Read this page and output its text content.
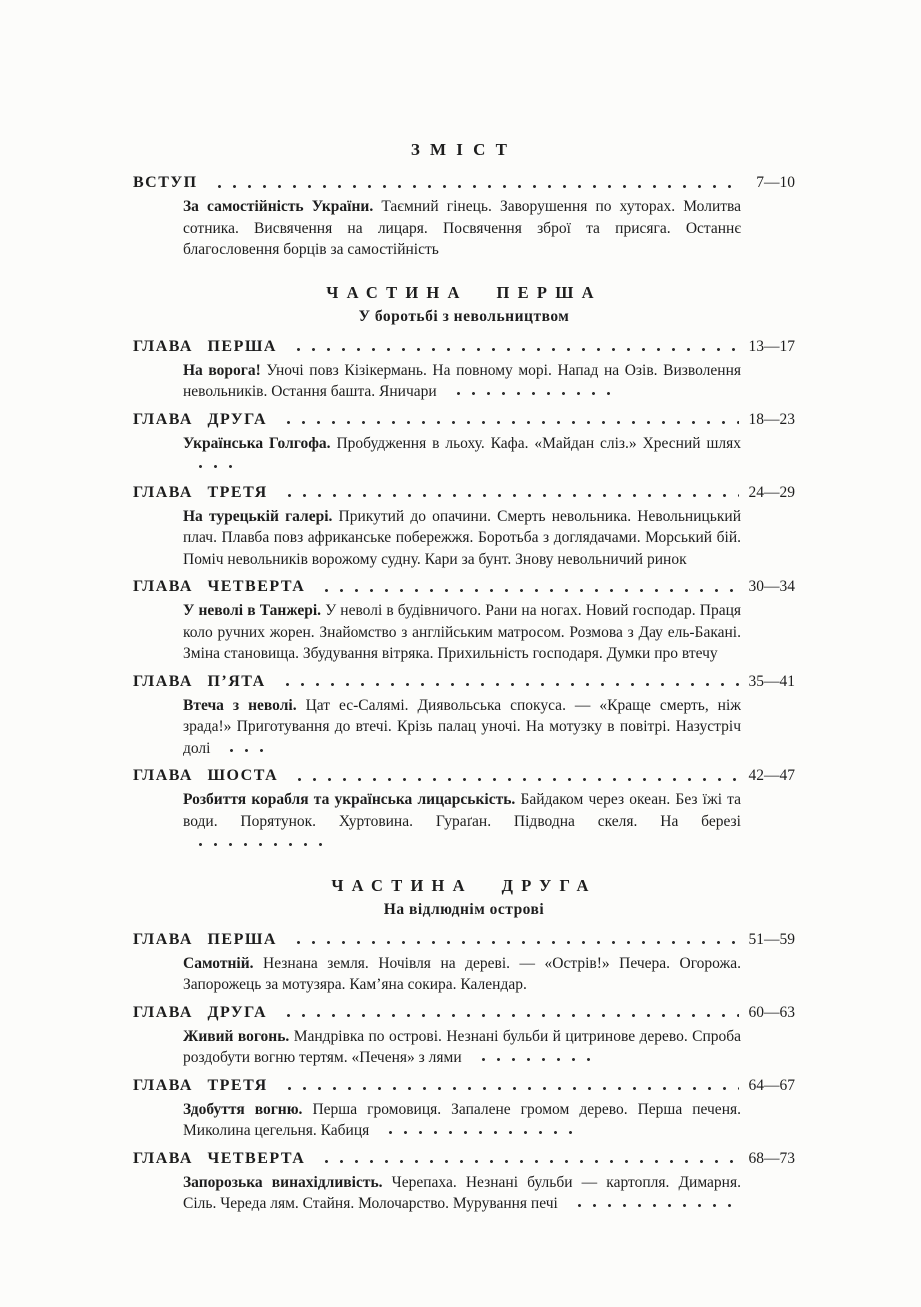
ЗМІСТ
ВСТУП	7—10

За самостійність України. Таємний гінець. Заворушення по хуторах. Молитва сотника. Висвячення на лицаря. Посвячення зброї та присяга. Останнє благословення борців за самостійність

ЧАСТИНА ПЕРША
У боротьбі з невольництвом
ГЛАВА ПЕРША	13—17

На ворога! Уночі повз Кізікермань. На повному морі. Напад на Озів. Визволення невольників. Остання башта. Яничари

ГЛАВА ДРУГА	18—23

Українська Голгофа. Пробудження в льоху. Кафа. «Майдан сліз.» Хресний шлях

ГЛАВА ТРЕТЯ	24—29

На турецькій галері. Прикутий до опачини. Смерть невольника. Невольницький плач. Плавба повз африканське побережжя. Боротьба з доглядачами. Морський бій. Поміч невольників ворожому судну. Кари за бунт. Знову невольничий ринок

ГЛАВА ЧЕТВЕРТА	30—34

У неволі в Танжері. У неволі в будівничого. Рани на ногах. Новий господар. Праця коло ручних жорен. Знайомство з англійським матросом. Розмова з Дау ель-Бакані. Зміна становища. Збудування вітряка. Прихильність господаря. Думки про втечу

ГЛАВА П’ЯТА	35—41

Втеча з неволі. Цат ес-Салямі. Диявольська спокуса. — «Краще смерть, ніж зрада!» Приготування до втечі. Крізь палац уночі. На мотузку в повітрі. Назустріч долі

ГЛАВА ШОСТА	42—47

Розбиття корабля та українська лицарськість. Байдаком через океан. Без їжі та води. Порятунок. Хуртовина. Гураґан. Підводна скеля. На березі

ЧАСТИНА ДРУГА
На відлюднім острові
ГЛАВА ПЕРША	51—59

Самотній. Незнана земля. Ночівля на дереві. — «Острів!» Печера. Огорожа. Запорожець за мотузяра. Кам’яна сокира. Календар.

ГЛАВА ДРУГА	60—63

Живий вогонь. Мандрівка по острові. Незнані бульби й цитринове дерево. Спроба роздобути вогню тертям. «Печеня» з лями

ГЛАВА ТРЕТЯ	64—67

Здобуття вогню. Перша громовиця. Запалене громом дерево. Перша печеня. Миколина цегельня. Кабиця

ГЛАВА ЧЕТВЕРТА	68—73

Запорозька винахідливість. Черепаха. Незнані бульби — картопля. Димарня. Сіль. Череда лям. Стайня. Молочарство. Мурування печі
